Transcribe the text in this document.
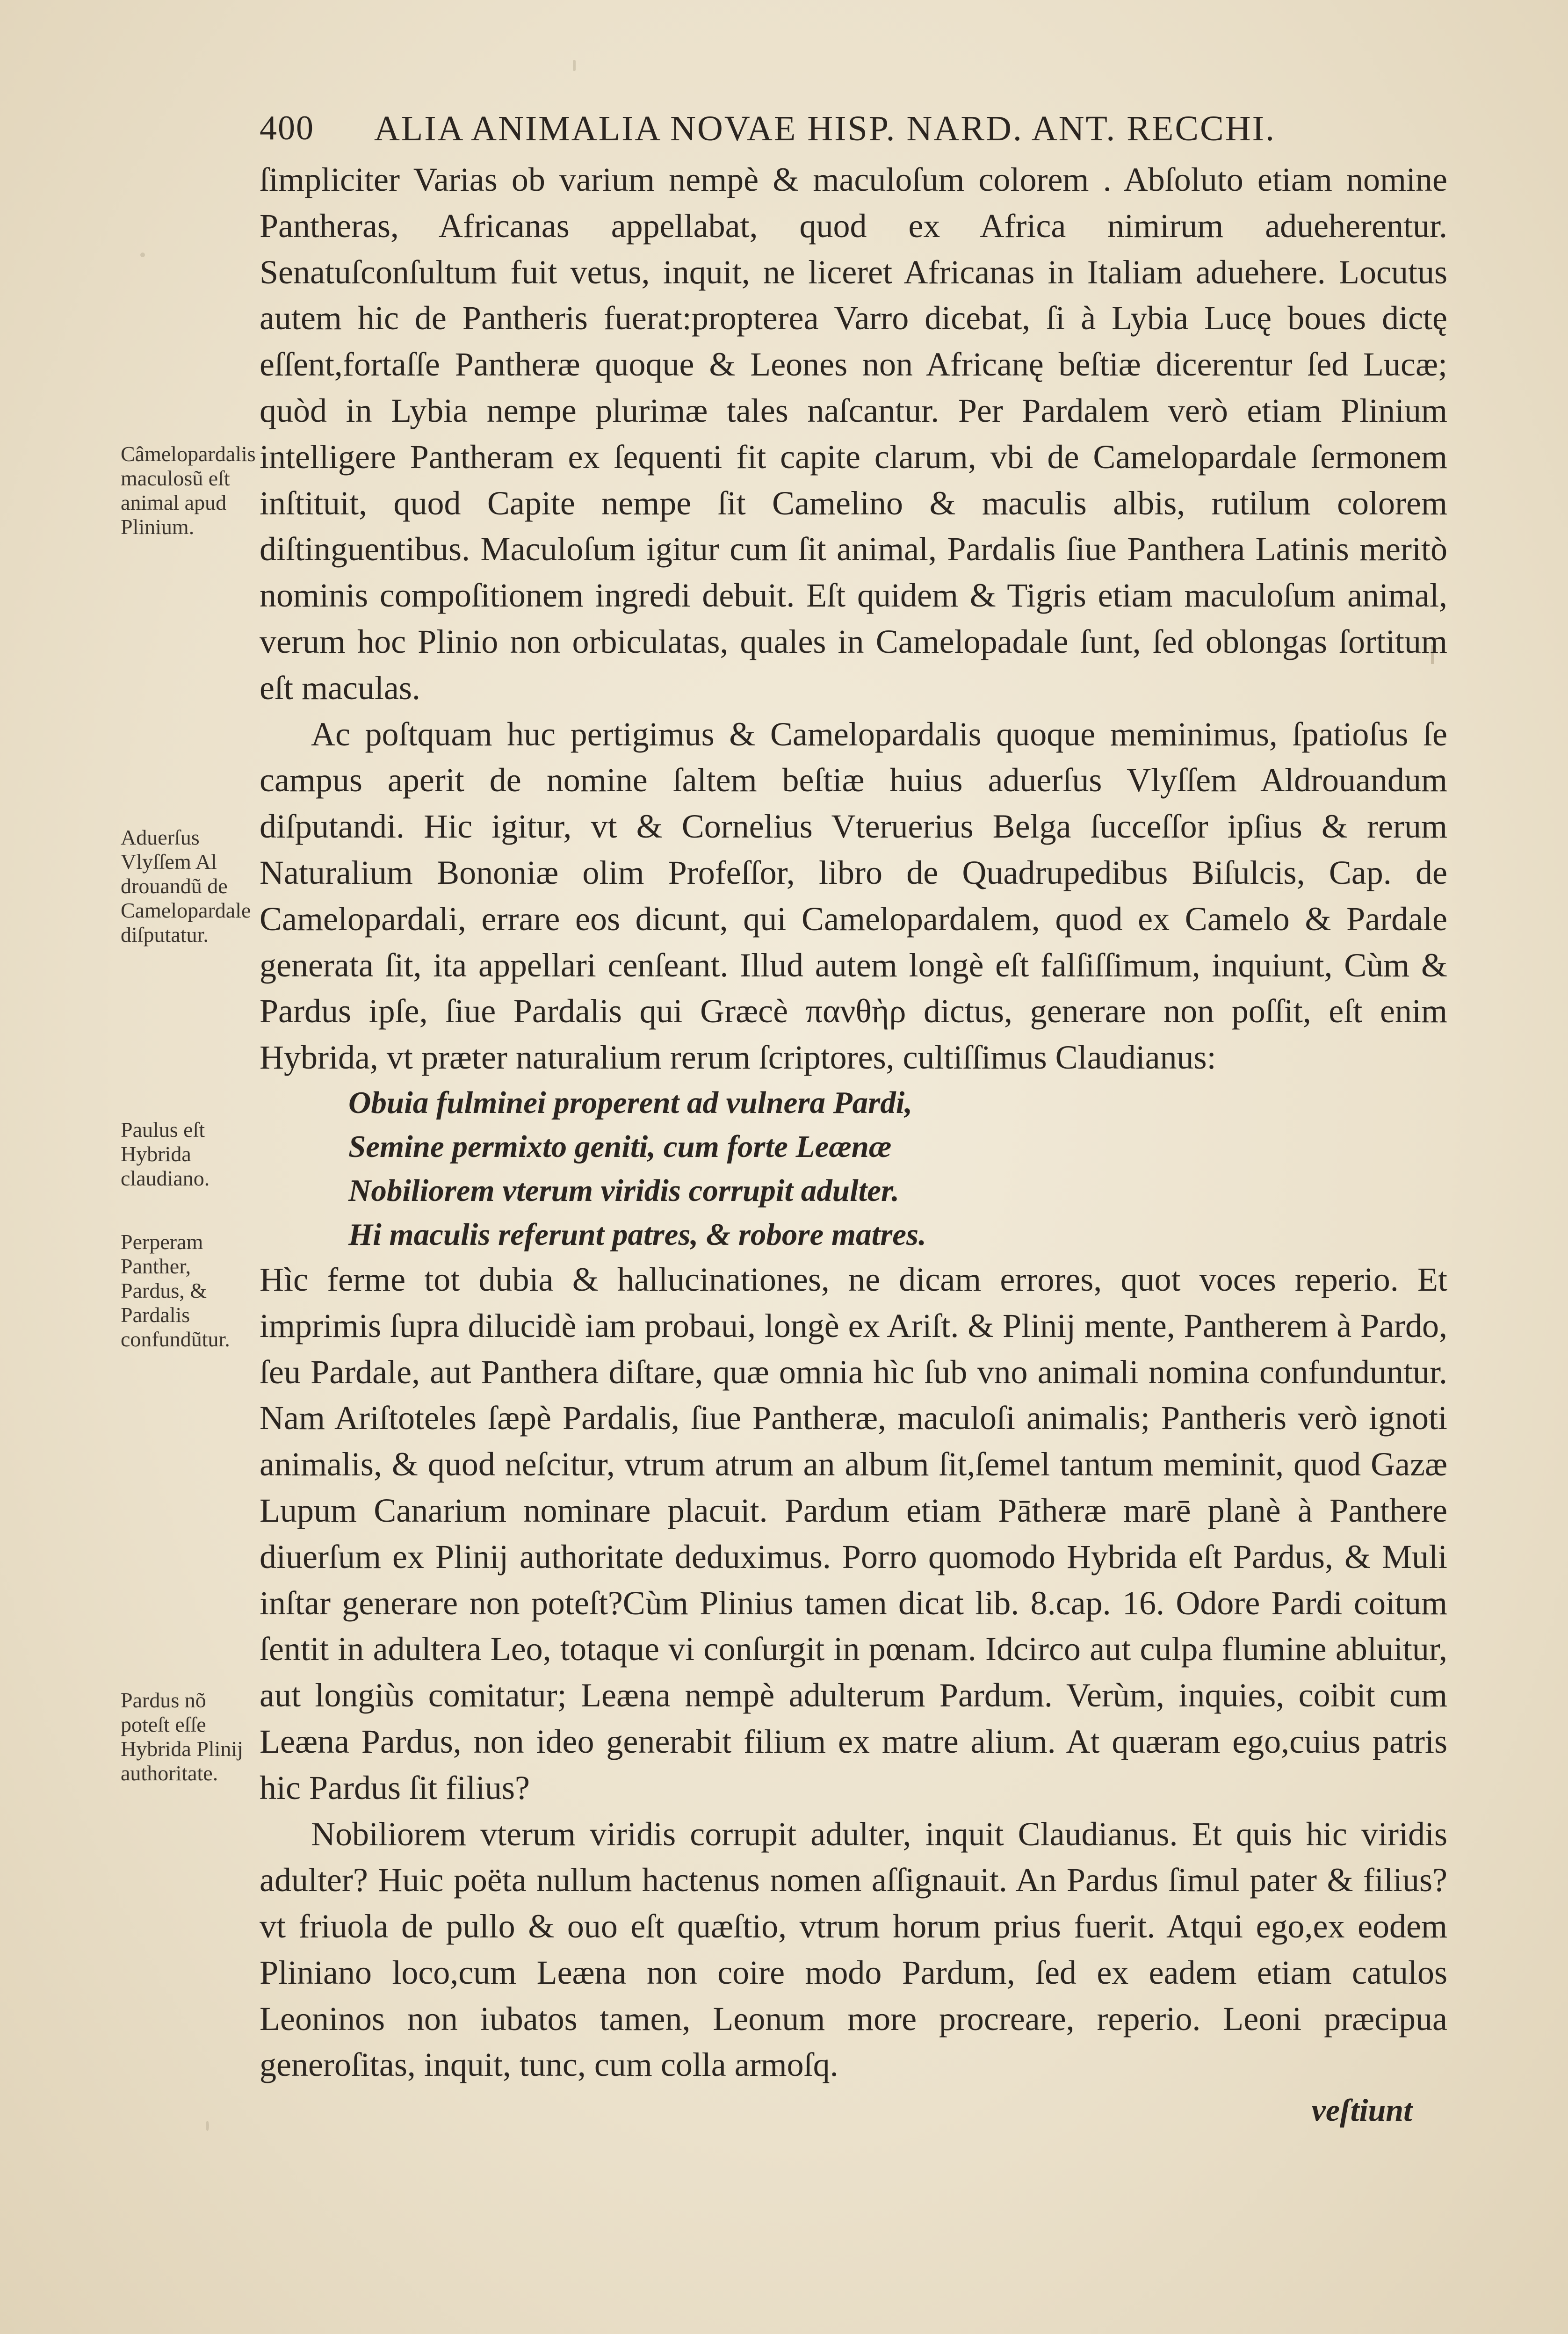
400 ALIA ANIMALIA NOVAE HISP. NARD. ANT. RECCHI.
Câmelopardalis maculosũ eſt animal apud Plinium.
Aduerſus Vlyſſem Al drouandũ de Camelopardale diſputatur.
Paulus eſt Hybrida claudiano.
Perperam Panther, Pardus, & Pardalis confundũtur.
Pardus nõ poteſt eſſe Hybrida Plinij authoritate.

ſimpliciter Varias ob varium nempè & maculoſum colorem . Abſoluto etiam nomine Pantheras, Africanas appellabat, quod ex Africa nimirum adueherentur. Senatuſconſultum fuit vetus, inquit, ne liceret Africanas in Italiam aduehere. Locutus autem hic de Pantheris fuerat:propterea Varro dicebat, ſi à Lybia Lucę boues dictę eſſent,fortaſſe Pantheræ quoque & Leones non Africanę beſtiæ dicerentur ſed Lucæ; quòd in Lybia nempe plurimæ tales naſcantur. Per Pardalem verò etiam Plinium intelligere Pantheram ex ſequenti fit capite clarum, vbi de Camelopardale ſermonem inſtituit, quod Capite nempe ſit Camelino & maculis albis, rutilum colorem diſtinguentibus. Maculoſum igitur cum ſit animal, Pardalis ſiue Panthera Latinis meritò nominis compoſitionem ingredi debuit. Eſt quidem & Tigris etiam maculoſum animal, verum hoc Plinio non orbiculatas, quales in Camelopadale ſunt, ſed oblongas ſortitum eſt maculas.

Ac poſtquam huc pertigimus & Camelopardalis quoque meminimus, ſpatioſus ſe campus aperit de nomine ſaltem beſtiæ huius aduerſus Vlyſſem Aldrouandum diſputandi. Hic igitur, vt & Cornelius Vteruerius Belga ſucceſſor ipſius & rerum Naturalium Bononiæ olim Profeſſor, libro de Quadrupedibus Biſulcis, Cap. de Camelopardali, errare eos dicunt, qui Camelopardalem, quod ex Camelo & Pardale generata ſit, ita appellari cenſeant. Illud autem longè eſt falſiſſimum, inquiunt, Cùm & Pardus ipſe, ſiue Pardalis qui Græcè πανθὴρ dictus, generare non poſſit, eſt enim Hybrida, vt præter naturalium rerum ſcriptores, cultiſſimus Claudianus:

Obuia fulminei properent ad vulnera Pardi,

Semine permixto geniti, cum forte Leænæ

Nobiliorem vterum viridis corrupit adulter.

Hi maculis referunt patres, & robore matres.

Hìc ferme tot dubia & hallucinationes, ne dicam errores, quot voces reperio. Et imprimis ſupra dilucidè iam probaui, longè ex Ariſt. & Plinij mente, Pantherem à Pardo, ſeu Pardale, aut Panthera diſtare, quæ omnia hìc ſub vno animali nomina confunduntur. Nam Ariſtoteles ſæpè Pardalis, ſiue Pantheræ, maculoſi animalis; Pantheris verò ignoti animalis, & quod neſcitur, vtrum atrum an album ſit,ſemel tantum meminit, quod Gazæ Lupum Canarium nominare placuit. Pardum etiam Pātheræ marē planè à Panthere diuerſum ex Plinij authoritate deduximus. Porro quomodo Hybrida eſt Pardus, & Muli inſtar generare non poteſt?Cùm Plinius tamen dicat lib. 8.cap. 16. Odore Pardi coitum ſentit in adultera Leo, totaque vi conſurgit in pœnam. Idcirco aut culpa flumine abluitur, aut longiùs comitatur; Leæna nempè adulterum Pardum. Verùm, inquies, coibit cum Leæna Pardus, non ideo generabit filium ex matre alium. At quæram ego,cuius patris hic Pardus ſit filius?

Nobiliorem vterum viridis corrupit adulter, inquit Claudianus. Et quis hic viridis adulter? Huic poëta nullum hactenus nomen aſſignauit. An Pardus ſimul pater & filius? vt friuola de pullo & ouo eſt quæſtio, vtrum horum prius fuerit. Atqui ego,ex eodem Pliniano loco,cum Leæna non coire modo Pardum, ſed ex eadem etiam catulos Leoninos non iubatos tamen, Leonum more procreare, reperio. Leoni præcipua generoſitas, inquit, tunc, cum colla armoſq.

veſtiunt
